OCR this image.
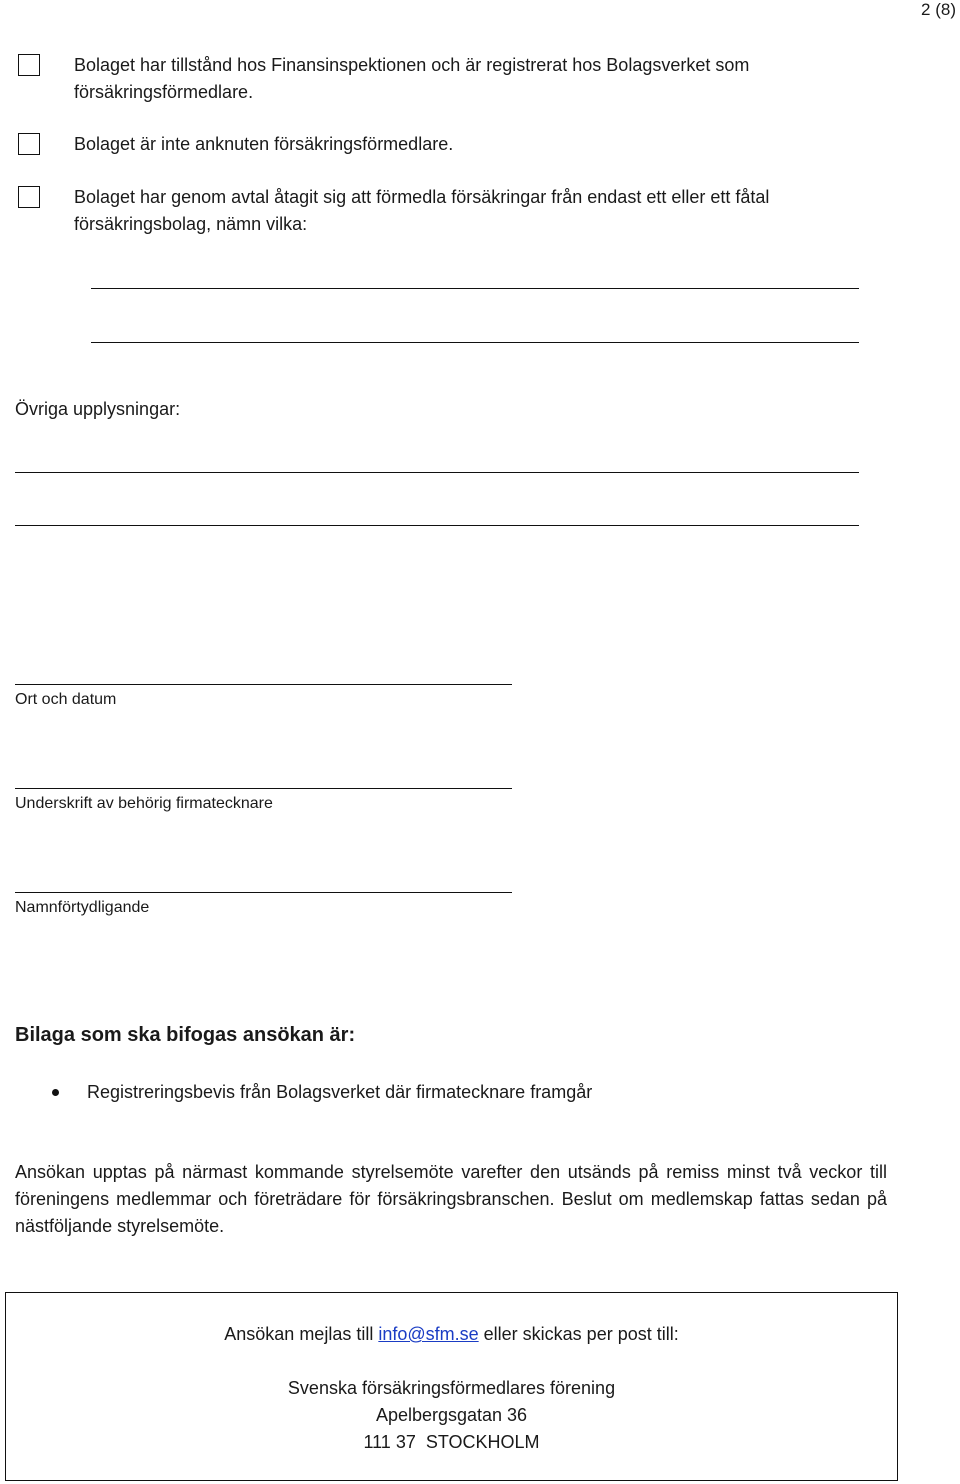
2 (8)
Bolaget har tillstånd hos Finansinspektionen och är registrerat hos Bolagsverket som försäkringsförmedlare.
Bolaget är inte anknuten försäkringsförmedlare.
Bolaget har genom avtal åtagit sig att förmedla försäkringar från endast ett eller ett fåtal försäkringsbolag, nämn vilka:
Övriga upplysningar:
Ort och datum
Underskrift av behörig firmatecknare
Namnförtydligande
Bilaga som ska bifogas ansökan är:
Registreringsbevis från Bolagsverket där firmatecknare framgår
Ansökan upptas på närmast kommande styrelsemöte varefter den utsänds på remiss minst två veckor till föreningens medlemmar och företrädare för försäkringsbranschen. Beslut om medlemskap fattas sedan på nästföljande styrelsemöte.
Ansökan mejlas till info@sfm.se eller skickas per post till:
Svenska försäkringsförmedlares förening
Apelbergsgatan 36
111 37  STOCKHOLM
